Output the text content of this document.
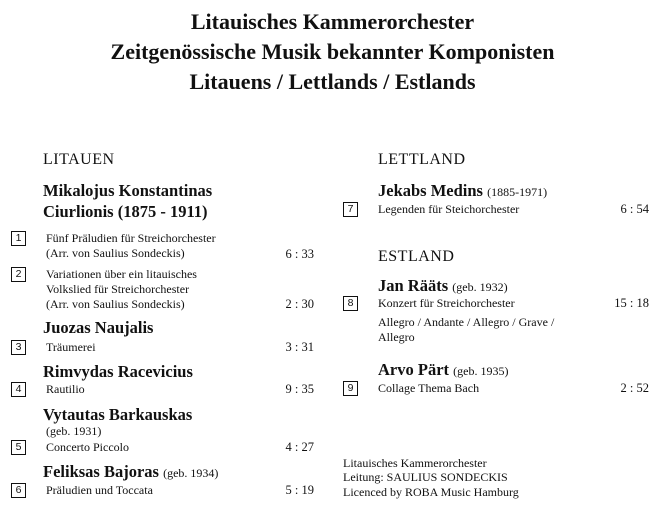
Litauisches Kammerorchester
Zeitgenössische Musik bekannter Komponisten
Litauens / Lettlands / Estlands
LITAUEN
Mikalojus Konstantinas
Ciurlionis (1875 - 1911)
1	Fünf Präludien für Streichorchester
(Arr. von Saulius Sondeckis)	6 : 33
2	Variationen über ein litauisches
Volkslied für Streichorchester
(Arr. von Saulius Sondeckis)	2 : 30
Juozas Naujalis
3	Träumerei	3 : 31
Rimvydas Racevicius
4	Rautilio	9 : 35
Vytautas Barkauskas
(geb. 1931)
5	Concerto Piccolo	4 : 27
Feliksas Bajoras (geb. 1934)
6	Präludien und Toccata	5 : 19
LETTLAND
Jekabs Medins (1885-1971)
7	Legenden für Steichorchester	6 : 54
ESTLAND
Jan Rääts (geb. 1932)
8	Konzert für Streichorchester	15 : 18
Allegro / Andante / Allegro / Grave /
Allegro
Arvo Pärt (geb. 1935)
9	Collage Thema Bach	2 : 52
Litauisches Kammerorchester
Leitung: SAULIUS SONDECKIS
Licenced by ROBA Music Hamburg
